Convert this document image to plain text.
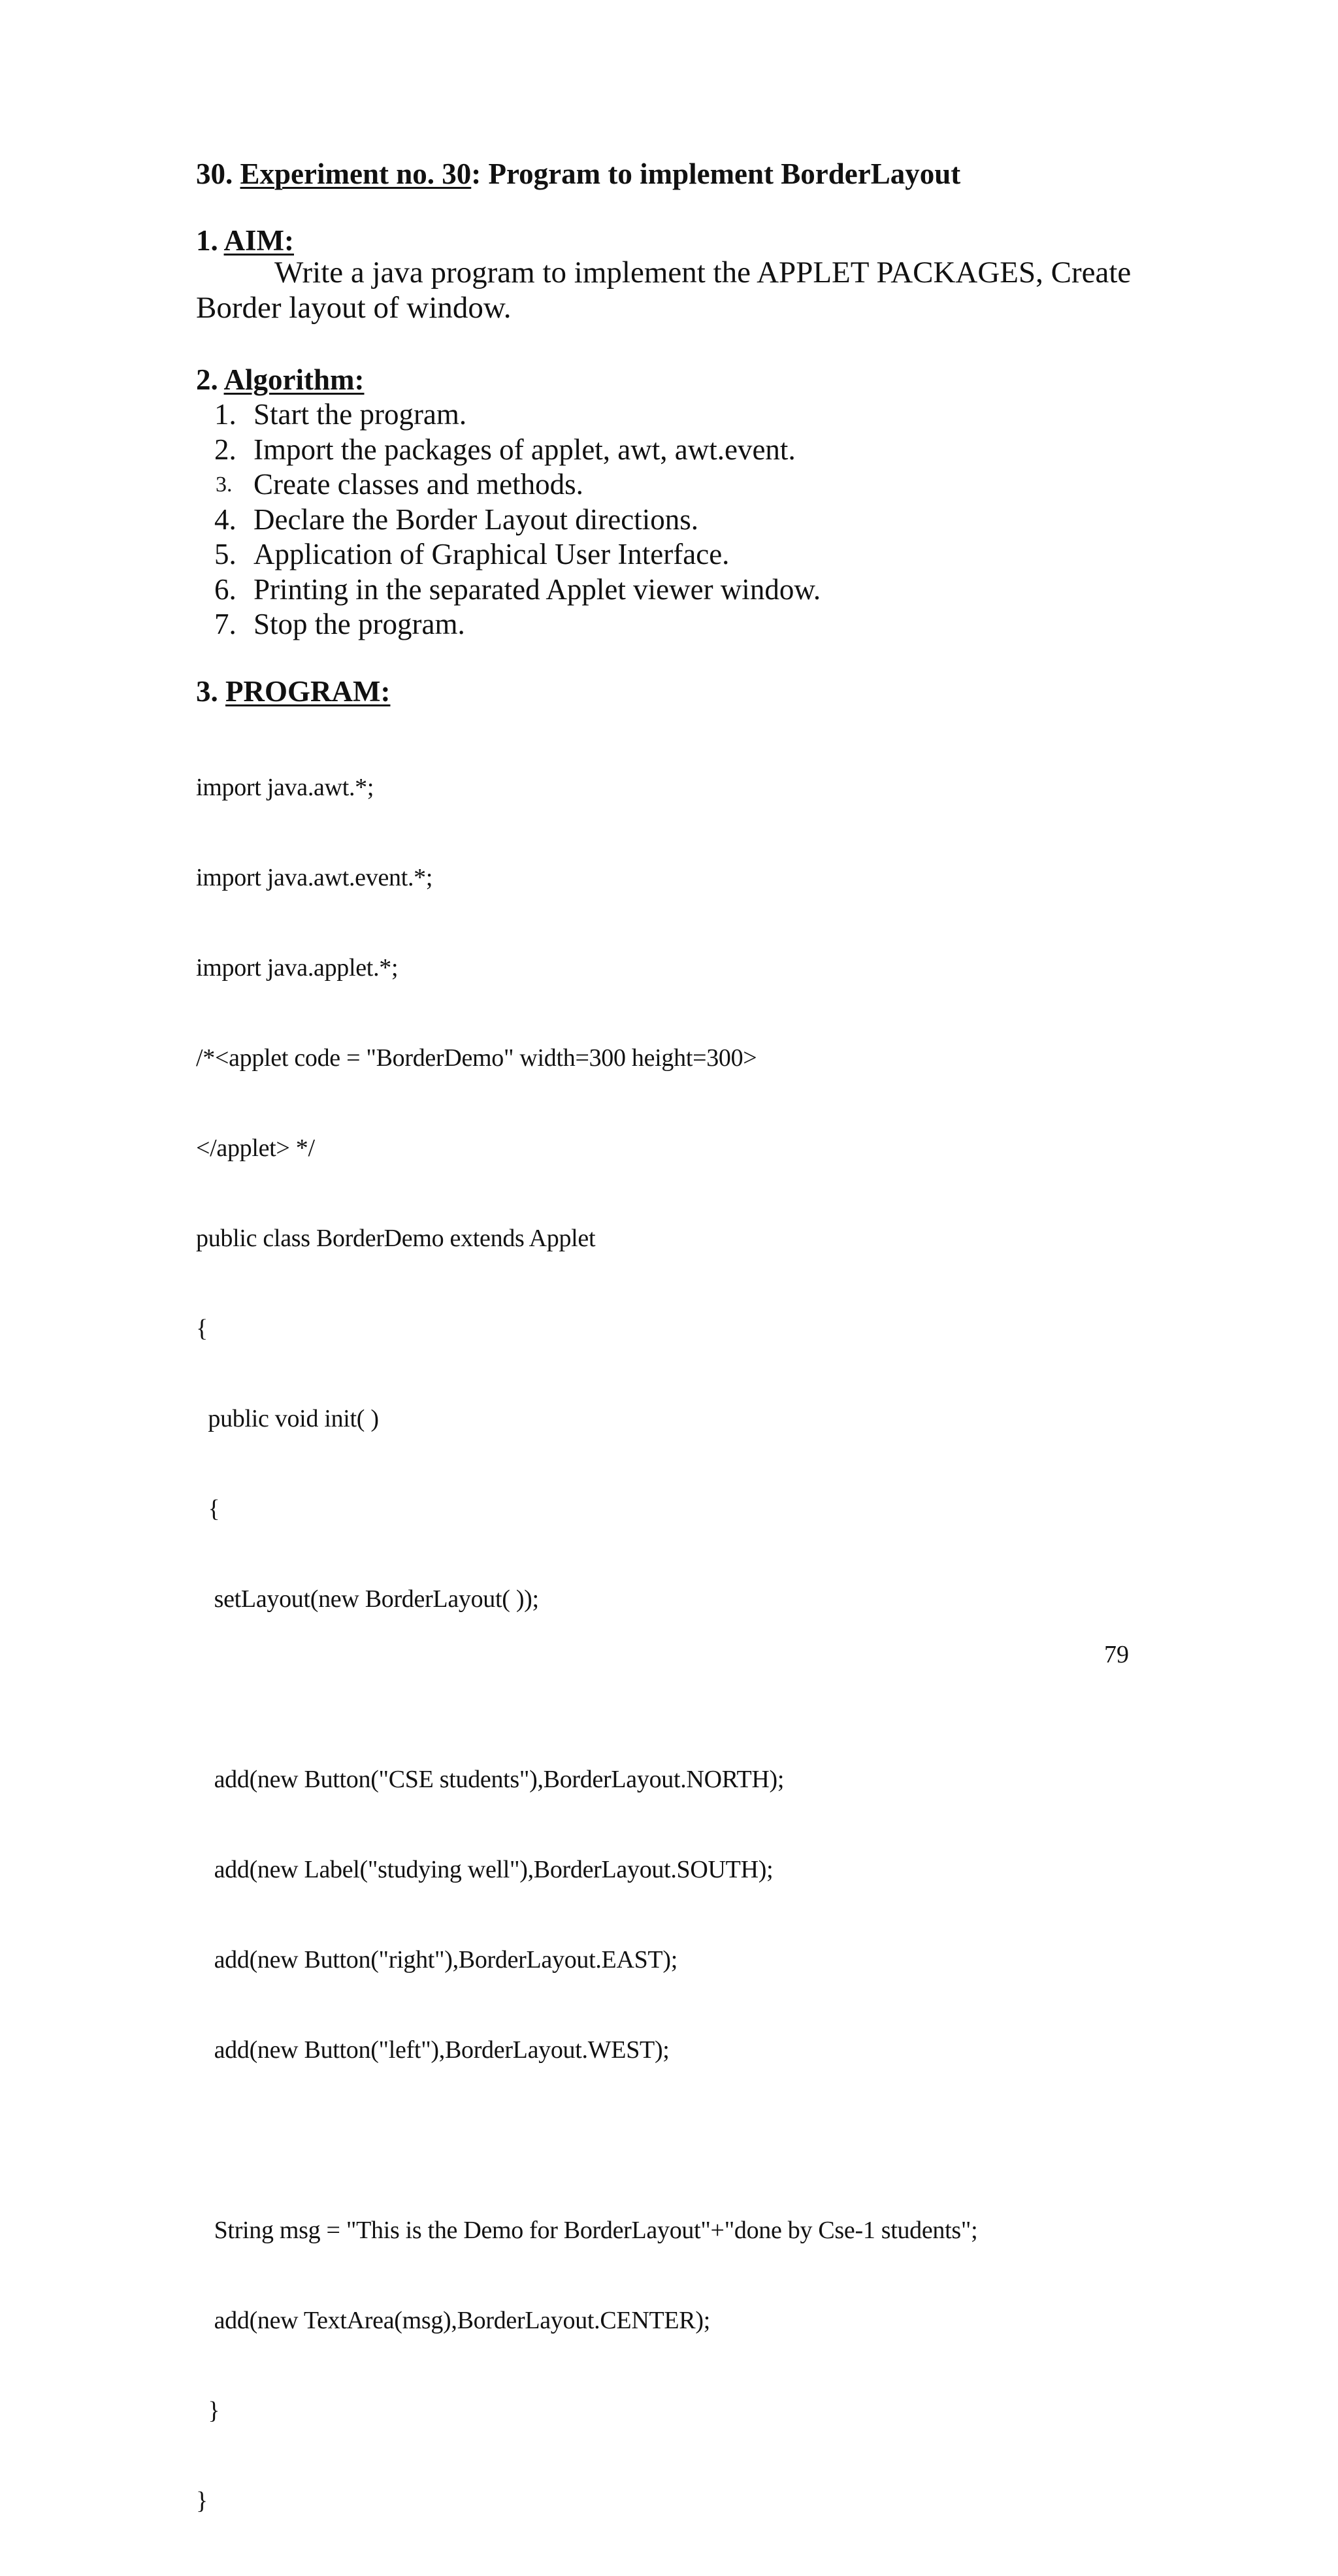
30. Experiment no. 30: Program to implement BorderLayout
1. AIM:
Write a java program to implement the APPLET PACKAGES, Create
Border layout of window.
2. Algorithm:
1. Start the program.
2. Import the packages of applet, awt, awt.event.
3. Create classes and methods.
4. Declare the Border Layout directions.
5. Application of Graphical User Interface.
6. Printing in the separated Applet viewer window.
7. Stop the program.
3. PROGRAM:

import java.awt.*;

import java.awt.event.*;

import java.applet.*;

/*<applet code = "BorderDemo" width=300 height=300>

</applet> */

public class BorderDemo extends Applet

{

public void init( )

{

setLayout(new BorderLayout( ));

add(new Button("CSE students"),BorderLayout.NORTH);

add(new Label("studying well"),BorderLayout.SOUTH);

add(new Button("right"),BorderLayout.EAST);

add(new Button("left"),BorderLayout.WEST);

String msg = "This is the Demo for BorderLayout"+"done by Cse-1 students";

add(new TextArea(msg),BorderLayout.CENTER);

}

}

79
